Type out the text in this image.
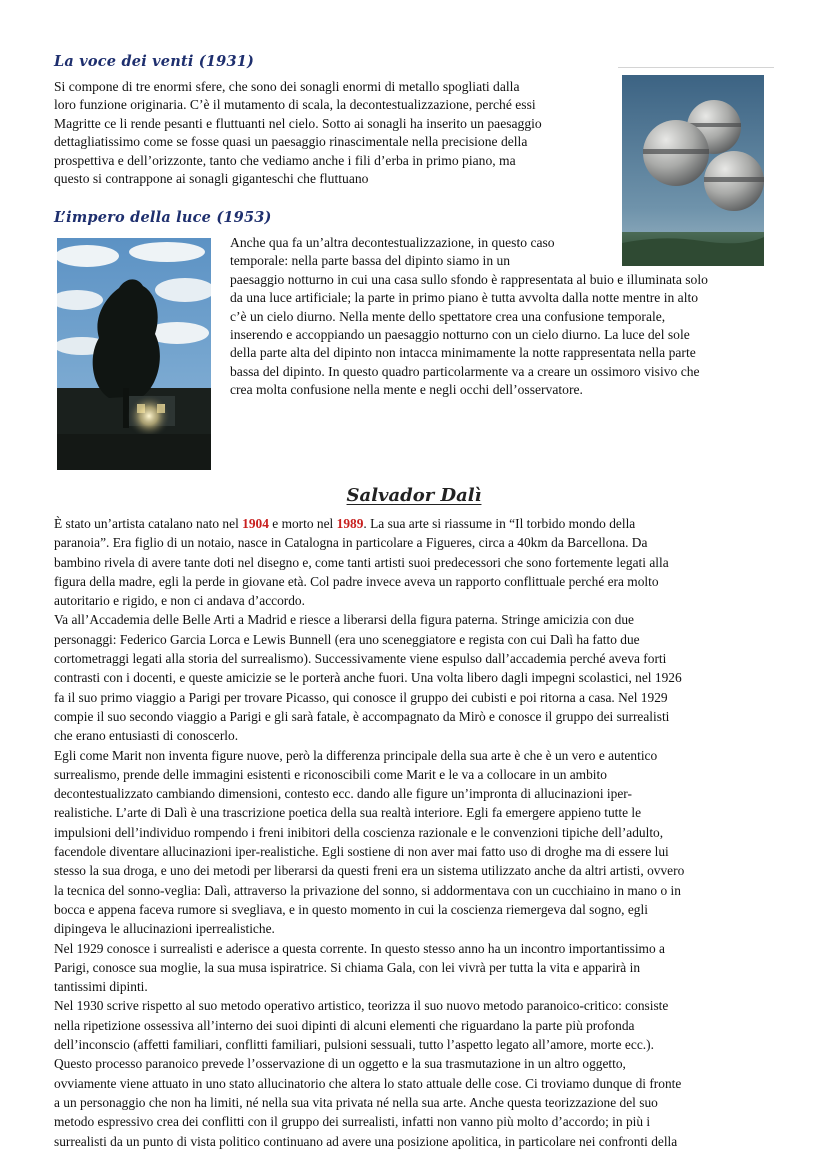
La voce dei venti (1931)
Si compone di tre enormi sfere, che sono dei sonagli enormi di metallo spogliati dalla
loro funzione originaria. C’è il mutamento di scala, la decontestualizzazione, perché essi
Magritte ce li rende pesanti e fluttuanti nel cielo. Sotto ai sonagli ha inserito un paesaggio
dettagliatissimo come se fosse quasi un paesaggio rinascimentale nella precisione della
prospettiva e dell’orizzonte, tanto che vediamo anche i fili d’erba in primo piano, ma
questo si contrappone ai sonagli giganteschi che fluttuano
L’impero della luce (1953)
Anche qua fa un’altra decontestualizzazione, in questo caso
temporale: nella parte bassa del dipinto siamo in un
paesaggio notturno in cui una casa sullo sfondo è rappresentata al buio e illuminata solo
da una luce artificiale; la parte in primo piano è tutta avvolta dalla notte mentre in alto
c’è un cielo diurno. Nella mente dello spettatore crea una confusione temporale,
inserendo e accoppiando un paesaggio notturno con un cielo diurno. La luce del sole
della parte alta del dipinto non intacca minimamente la notte rappresentata nella parte
bassa del dipinto. In questo quadro particolarmente va a creare un ossimoro visivo che
crea molta confusione nella mente e negli occhi dell’osservatore.
Salvador Dalì
È stato un’artista catalano nato nel 1904 e morto nel 1989. La sua arte si riassume in “Il torbido mondo della
paranoia”. Era figlio di un notaio, nasce in Catalogna in particolare a Figueres, circa a 40km da Barcellona. Da
bambino rivela di avere tante doti nel disegno e, come tanti artisti suoi predecessori che sono fortemente legati alla
figura della madre, egli la perde in giovane età. Col padre invece aveva un rapporto conflittuale perché era molto
autoritario e rigido, e non ci andava d’accordo.
Va all’Accademia delle Belle Arti a Madrid e riesce a liberarsi della figura paterna. Stringe amicizia con due
personaggi: Federico Garcia Lorca e Lewis Bunnell (era uno sceneggiatore e regista con cui Dalì ha fatto due
cortometraggi legati alla storia del surrealismo). Successivamente viene espulso dall’accademia perché aveva forti
contrasti con i docenti, e queste amicizie se le porterà anche fuori. Una volta libero dagli impegni scolastici, nel 1926
fa il suo primo viaggio a Parigi per trovare Picasso, qui conosce il gruppo dei cubisti e poi ritorna a casa. Nel 1929
compie il suo secondo viaggio a Parigi e gli sarà fatale, è accompagnato da Mirò e conosce il gruppo dei surrealisti
che erano entusiasti di conoscerlo.
Egli come Marit non inventa figure nuove, però la differenza principale della sua arte è che è un vero e autentico
surrealismo, prende delle immagini esistenti e riconoscibili come Marit e le va a collocare in un ambito
decontestualizzato cambiando dimensioni, contesto ecc. dando alle figure un’impronta di allucinazioni iper-
realistiche. L’arte di Dalì è una trascrizione poetica della sua realtà interiore. Egli fa emergere appieno tutte le
impulsioni dell’individuo rompendo i freni inibitori della coscienza razionale e le convenzioni tipiche dell’adulto,
facendole diventare allucinazioni iper-realistiche. Egli sostiene di non aver mai fatto uso di droghe ma di essere lui
stesso la sua droga, e uno dei metodi per liberarsi da questi freni era un sistema utilizzato anche da altri artisti, ovvero
la tecnica del sonno-veglia: Dalì, attraverso la privazione del sonno, si addormentava con un cucchiaino in mano o in
bocca e appena faceva rumore si svegliava, e in questo momento in cui la coscienza riemergeva dal sogno, egli
dipingeva le allucinazioni iperrealistiche.
Nel 1929 conosce i surrealisti e aderisce a questa corrente. In questo stesso anno ha un incontro importantissimo a
Parigi, conosce sua moglie, la sua musa ispiratrice. Si chiama Gala, con lei vivrà per tutta la vita e apparirà in
tantissimi dipinti.
Nel 1930 scrive rispetto al suo metodo operativo artistico, teorizza il suo nuovo metodo paranoico-critico: consiste
nella ripetizione ossessiva all’interno dei suoi dipinti di alcuni elementi che riguardano la parte più profonda
dell’inconscio (affetti familiari, conflitti familiari, pulsioni sessuali, tutto l’aspetto legato all’amore, morte ecc.).
Questo processo paranoico prevede l’osservazione di un oggetto e la sua trasmutazione in un altro oggetto,
ovviamente viene attuato in uno stato allucinatorio che altera lo stato attuale delle cose. Ci troviamo dunque di fronte
a un personaggio che non ha limiti, né nella sua vita privata né nella sua arte. Anche questa teorizzazione del suo
metodo espressivo crea dei conflitti con il gruppo dei surrealisti, infatti non vanno più molto d’accordo; in più i
surrealisti da un punto di vista politico continuano ad avere una posizione apolitica, in particolare nei confronti della
